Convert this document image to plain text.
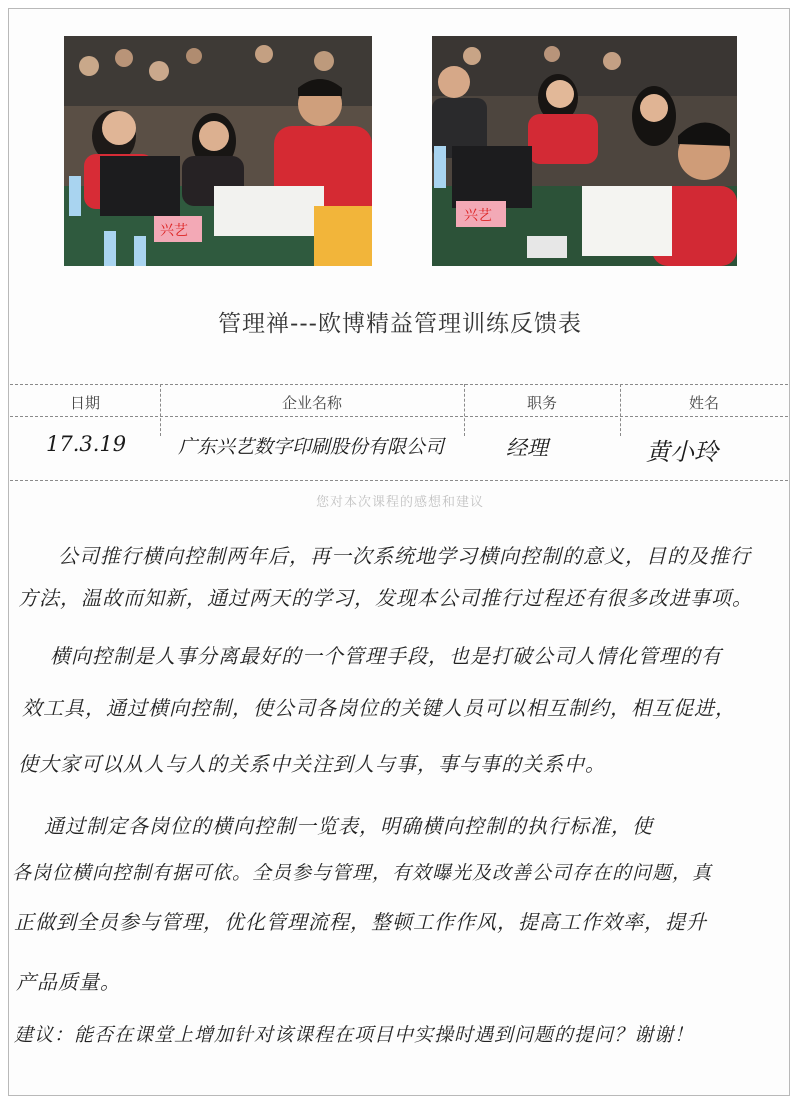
兴艺
兴艺
管理禅---欧博精益管理训练反馈表
日期	企业名称	职务	姓名
17.3.19	广东兴艺数字印刷股份有限公司	经理	黄小玲
您对本次课程的感想和建议
公司推行横向控制两年后，再一次系统地学习横向控制的意义，目的及推行
方法，温故而知新，通过两天的学习，发现本公司推行过程还有很多改进事项。
横向控制是人事分离最好的一个管理手段，也是打破公司人情化管理的有
效工具，通过横向控制，使公司各岗位的关键人员可以相互制约，相互促进，
使大家可以从人与人的关系中关注到人与事，事与事的关系中。
通过制定各岗位的横向控制一览表，明确横向控制的执行标准，使
各岗位横向控制有据可依。全员参与管理，有效曝光及改善公司存在的问题，真
正做到全员参与管理，优化管理流程，整顿工作作风，提高工作效率，提升
产品质量。
建议：能否在课堂上增加针对该课程在项目中实操时遇到问题的提问？谢谢！
